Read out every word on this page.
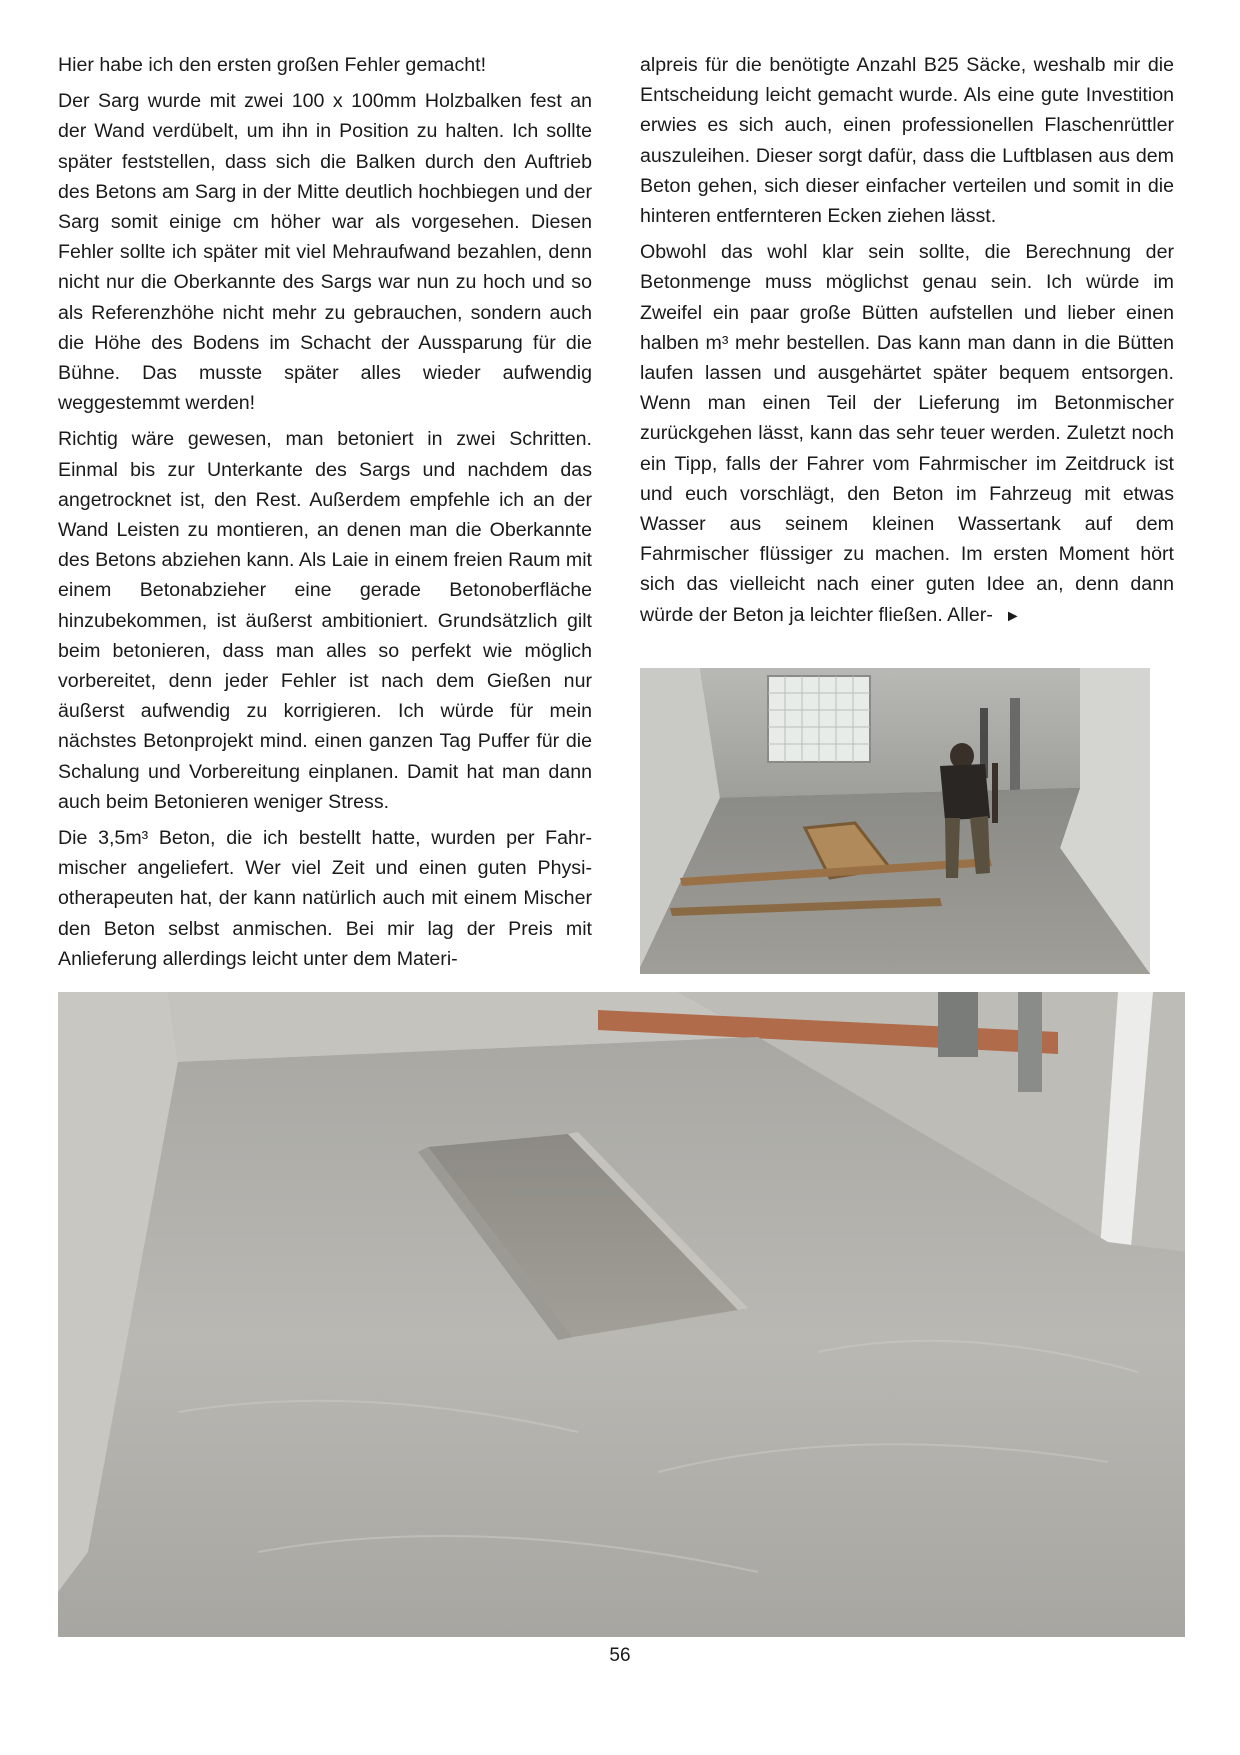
Hier habe ich den ersten großen Fehler gemacht!

Der Sarg wurde mit zwei 100 x 100mm Holzbalken fest an der Wand verdübelt, um ihn in Position zu halten. Ich sollte später feststellen, dass sich die Balken durch den Auftrieb des Betons am Sarg in der Mitte deutlich hochbiegen und der Sarg somit einige cm höher war als vorgesehen. Diesen Fehler sollte ich später mit viel Mehraufwand bezahlen, denn nicht nur die Oberkannte des Sargs war nun zu hoch und so als Referenzhöhe nicht mehr zu gebrauchen, sondern auch die Höhe des Bodens im Schacht der Aussparung für die Bühne. Das musste später alles wieder aufwendig weggestemmt werden!

Richtig wäre gewesen, man betoniert in zwei Schritten. Einmal bis zur Unterkante des Sargs und nachdem das angetrocknet ist, den Rest. Außerdem empfehle ich an der Wand Leisten zu montieren, an denen man die Oberkannte des Betons abziehen kann. Als Laie in einem freien Raum mit einem Betonabzieher eine gerade Betonoberfläche hinzubekommen, ist äußerst ambitioniert. Grundsätzlich gilt beim betonieren, dass man alles so perfekt wie möglich vorbereitet, denn jeder Fehler ist nach dem Gießen nur äußerst aufwendig zu korrigieren. Ich würde für mein nächstes Betonprojekt mind. einen ganzen Tag Puffer für die Schalung und Vorbereitung einplanen. Damit hat man dann auch beim Betonieren weniger Stress.

Die 3,5m³ Beton, die ich bestellt hatte, wurden per Fahrmischer angeliefert. Wer viel Zeit und einen guten Physiotherapeuten hat, der kann natürlich auch mit einem Mischer den Beton selbst anmischen. Bei mir lag der Preis mit Anlieferung allerdings leicht unter dem Materi-

alpreis für die benötigte Anzahl B25 Säcke, weshalb mir die Entscheidung leicht gemacht wurde. Als eine gute Investition erwies es sich auch, einen professionellen Flaschenrüttler auszuleihen. Dieser sorgt dafür, dass die Luftblasen aus dem Beton gehen, sich dieser einfacher verteilen und somit in die hinteren entfernteren Ecken ziehen lässt.

Obwohl das wohl klar sein sollte, die Berechnung der Betonmenge muss möglichst genau sein. Ich würde im Zweifel ein paar große Bütten aufstellen und lieber einen halben m³ mehr bestellen. Das kann man dann in die Bütten laufen lassen und ausgehärtet später bequem entsorgen. Wenn man einen Teil der Lieferung im Betonmischer zurückgehen lässt, kann das sehr teuer werden. Zuletzt noch ein Tipp, falls der Fahrer vom Fahrmischer im Zeitdruck ist und euch vorschlägt, den Beton im Fahrzeug mit etwas Wasser aus seinem kleinen Wassertank auf dem Fahrmischer flüssiger zu machen. Im ersten Moment hört sich das vielleicht nach einer guten Idee an, denn dann würde der Beton ja leichter fließen. Aller- ►

56
